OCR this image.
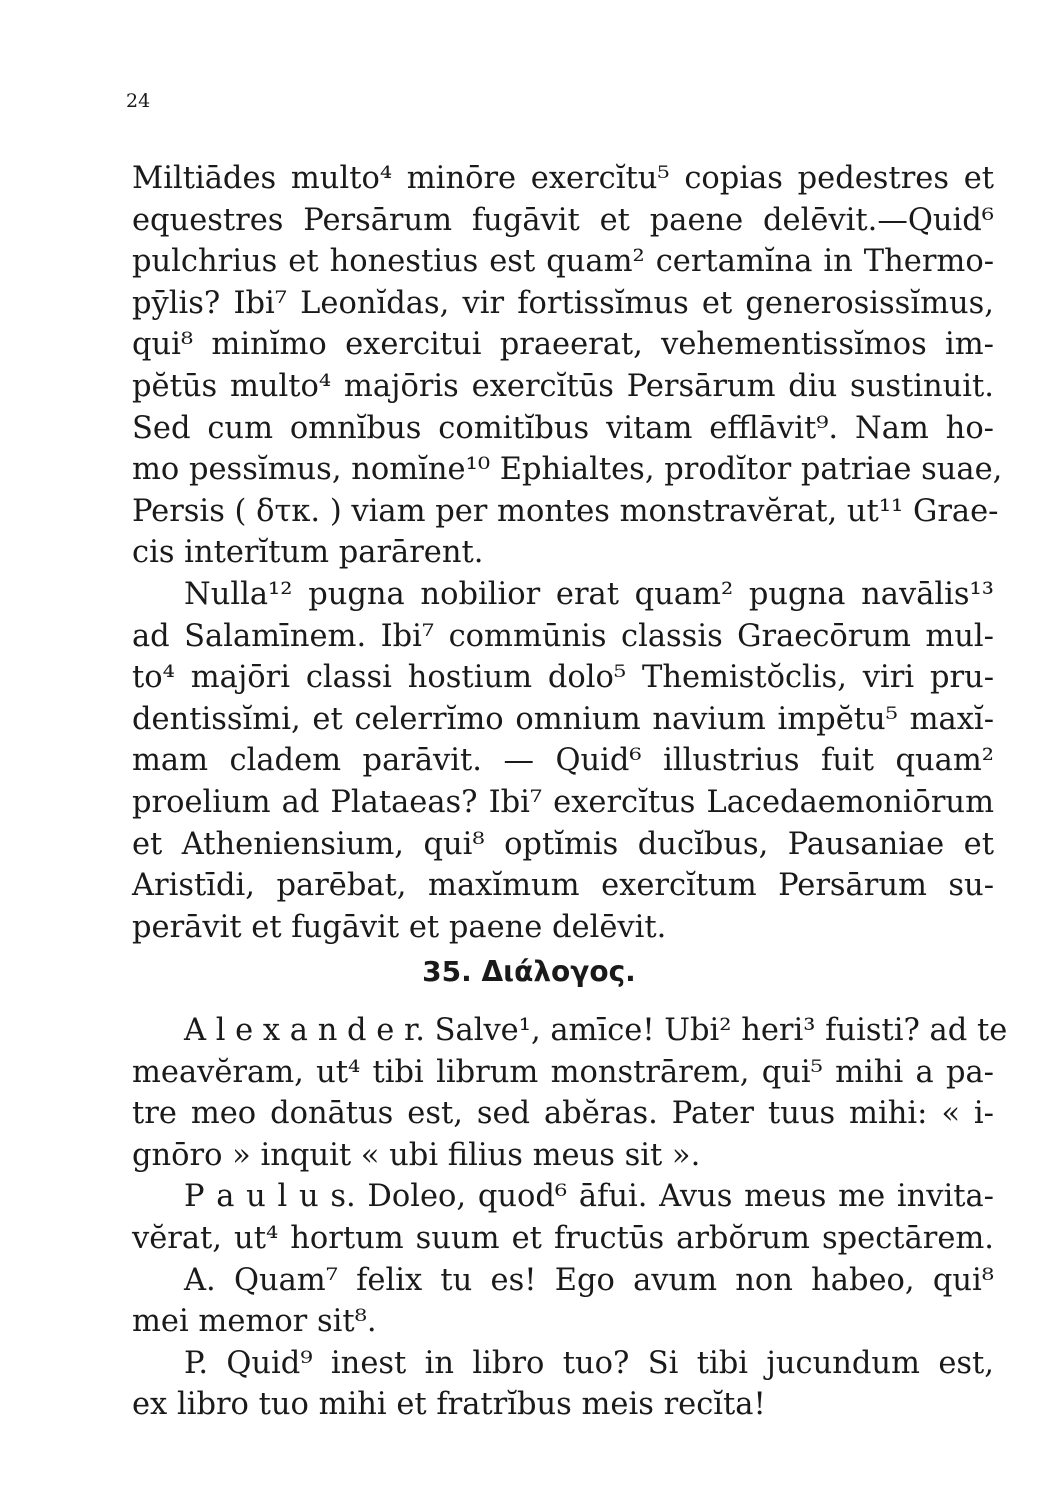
24
Miltiādes multo⁴ minōre exercĭtu⁵ copias pedestres et
equestres Persārum fugāvit et paene delēvit.—Quid⁶
pulchrius et honestius est quam² certamĭna in Thermo-
pȳlis? Ibi⁷ Leonĭdas, vir fortissĭmus et generosissĭmus,
qui⁸ minĭmo exercitui praeerat, vehementissĭmos im-
pĕtūs multo⁴ majōris exercĭtūs Persārum diu sustinuit.
Sed cum omnĭbus comitĭbus vitam efflāvit⁹. Nam ho-
mo pessĭmus, nomĭne¹⁰ Ephialtes, prodĭtor patriae suae,
Persis ( δτκ. ) viam per montes monstravĕrat, ut¹¹ Grae-
cis interĭtum parārent.
Nulla¹² pugna nobilior erat quam² pugna navālis¹³
ad Salamīnem. Ibi⁷ commūnis classis Graecōrum mul-
to⁴ majōri classi hostium dolo⁵ Themistŏclis, viri pru-
dentissĭmi, et celerrĭmo omnium navium impĕtu⁵ maxĭ-
mam cladem parāvit. — Quid⁶ illustrius fuit quam²
proelium ad Plataeas? Ibi⁷ exercĭtus Lacedaemoniōrum
et Atheniensium, qui⁸ optĭmis ducĭbus, Pausaniae et
Aristīdi, parēbat, maxĭmum exercĭtum Persārum su-
perāvit et fugāvit et paene delēvit.
35. Διάλογος.
A l e x a n d e r. Salve¹, amīce! Ubi² heri³ fuisti? ad te
meavĕram, ut⁴ tibi librum monstrārem, qui⁵ mihi a pa-
tre meo donātus est, sed abĕras. Pater tuus mihi: « i-
gnōro » inquit « ubi filius meus sit ».
P a u l u s. Doleo, quod⁶ āfui. Avus meus me invita-
vĕrat, ut⁴ hortum suum et fructūs arbŏrum spectārem.
A. Quam⁷ felix tu es! Ego avum non habeo, qui⁸
mei memor sit⁸.
P. Quid⁹ inest in libro tuo? Si tibi jucundum est,
ex libro tuo mihi et fratrĭbus meis recĭta!
